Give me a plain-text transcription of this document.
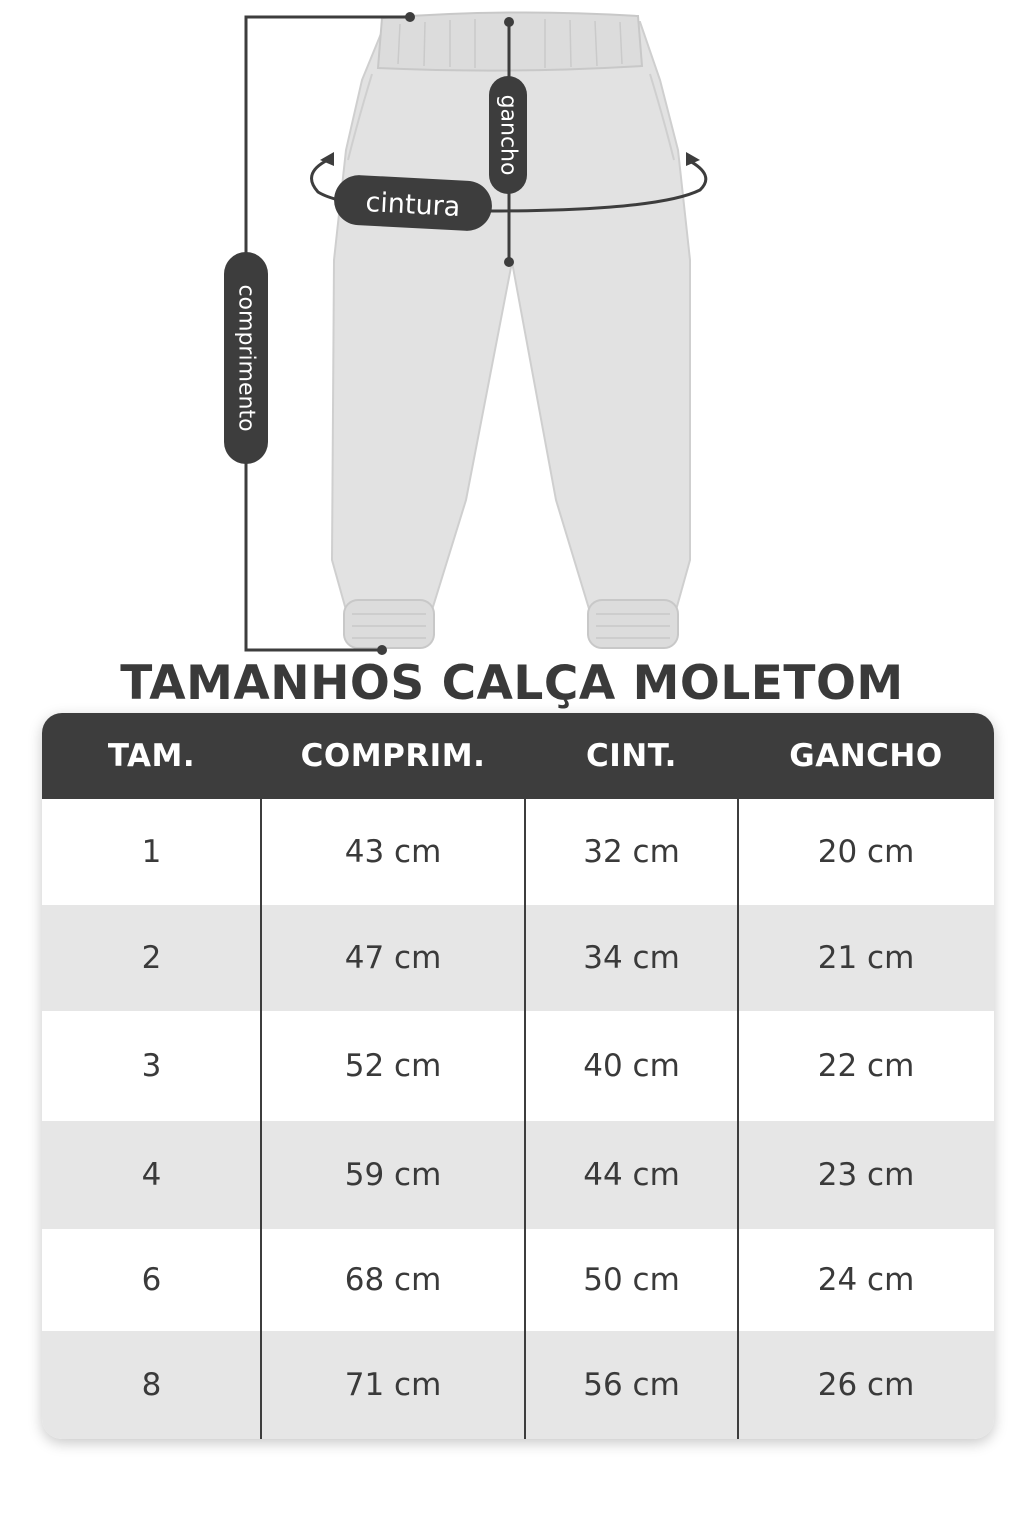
comprimento
gancho
cintura
TAMANHOS CALÇA MOLETOM
TAM.	COMPRIM.	CINT.	GANCHO
1	43 cm	32 cm	20 cm
2	47 cm	34 cm	21 cm
3	52 cm	40 cm	22 cm
4	59 cm	44 cm	23 cm
6	68 cm	50 cm	24 cm
8	71 cm	56 cm	26 cm
